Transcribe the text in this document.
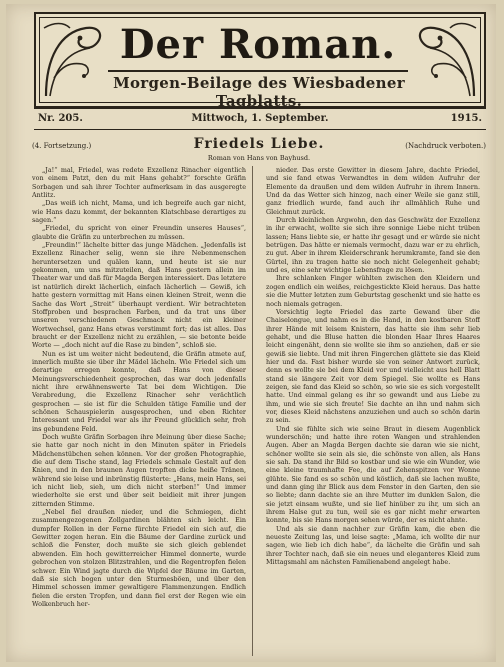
Der Roman.
Morgen-Beilage des Wiesbadener Tagblatts.
Nr. 205.	Mittwoch, 1. September.	1915.
(4. Fortsetzung.)	Friedels Liebe.
Roman von Hans von Bayhusd.
(Nachdruck verboten.)

„Ja!“ mal, Friedel, was redete Exzellenz Rinacher eigentlich von einem Patzt, den du mit Hans gehabt?“ forschte Gräfin Sorbagen und sah ihrer Tochter aufmerksam in das ausgeregte Antlitz.

„Das weiß ich nicht, Mama, und ich begreife auch gar nicht, wie Hans dazu kommt, der bekannten Klatschbase derartiges zu sagen.“

„Friedel, du spricht von einer Freundin unseres Hauses“, glaubte die Gräfin zu unterbrechen zu müssen.

„Freundin!“ lächelte bitter das junge Mädchen. „Jedenfalls ist Exzellenz Rinacher selig, wenn sie ihre Nebenmenschen heruntersetzen und quälen kann, und heute ist sie nur gekommen, um uns mitzuteilen, daß Hans gestern allein im Theater war und daß für Magda Bergen interessiert. Das letztere ist natürlich direkt lächerlich, einfach lächerlich — Gewiß, ich hatte gestern vormittag mit Hans einen kleinen Streit, wenn die Sache das Wort „Streit“ überhaupt verdient. Wir betrachteten Stoffproben und besprachen Farben, und da trat uns über unseren verschiedenen Geschmack nicht ein kleiner Wortwechsel, ganz Hans etwas verstimmt fort; das ist alles. Das braucht er der Exzellenz nicht zu erzählen, — sie betonte beide Worte — „doch nicht auf die Rase zu binden“, schloß sie.

Nun es ist um weiter nicht bedeutend, die Gräfin atmete auf, innerlich mußte sie über ihr Mädel lächeln. Wie Friedel sich um derartige erregen konnte, daß Hans von dieser Meinungsverschiedenheit gesprochen, das war doch jedenfalls nicht ihre erwähnenswerte Tat bei dem Wichtigen. Die Verabredung, die Exzellenz Rinacher sehr verächtlich gesprochen — sie ist für die Schulden tätige Familie und der schönen Schauspielerin ausgesprochen, und eben Richter Interessant und Friedel war als ihr Freund glücklich sehr, froh ins gebundene Feld.

Doch wußte Gräfin Sorbagen ihre Meinung über diese Sache; sie hatte gar noch nicht in den Minuten später in Friedels Mädchenstübchen sehen können. Vor der großen Photographie, die auf dem Tische stand, lag Friedels schmale Gestalt auf den Knien, und in den braunen Augen tropften dicke heiße Tränen, während sie leise und inbrünstig flüsterte: „Hans, mein Hans, sei ich nicht lieb, sieh, um dich nicht sterben!“ Und immer wiederholte sie erst und über seit beidieit mit ihrer jungen zitternden Stimme.

„Nebel fiel draußen nieder, und die Schmiegen, dicht zusammengezogenen Zollgardinen blähten sich leicht. Ein dumpfer Rollen in der Ferne fürchte Friedel ein sich auf, die Gewitter zogen heran. Ein die Bäume der Gardine zurück und schloß die Fenster, doch mußte sie sich gleich geblendet abwenden. Ein hoch gewitterreicher Himmel donnerte, wurde gebrochen von stolzen Blitzstrahlen, und die Regentropfen fielen schwer. Ein Wind jagte durch die Wipfel der Bäume im Garten, daß sie sich bogen unter den Sturmesböen, und über den Himmel schossen immer gewaltigere Flammenzungen. Endlich fielen die ersten Tropfen, und dann fiel erst der Regen wie ein Wolkenbruch her-

nieder. Das erste Gewitter in diesem Jahre, dachte Friedel, und sie fand etwas Verwandtes in dem wilden Aufruhr der Elemente da draußen und dem wilden Aufruhr in ihrem Innern. Und da das Wetter sich hinzog, nach einer Weile sie ganz still, ganz friedlich wurde, fand auch ihr allmählich Ruhe und Gleichmut zurück.

Durch kleinlichen Argwohn, den das Geschwätz der Exzellenz in ihr erwacht, wollte sie sich ihre sonnige Liebe nicht trüben lassen; Hans liebte sie, er hatte ihr gesagt und er würde sie nicht betrügen. Das hätte er niemals vermocht, dazu war er zu ehrlich, zu gut. Aber in ihrem Kleiderschrank herumkramte, fand sie den Gürtel, ihn zu tragen hatte sie noch nicht Gelegenheit gehabt; und es, eine sehr wichtige Lebensfrage zu lösen.

Ihre schlanken Finger wühlten zwischen den Kleidern und zogen endlich ein weißes, reichgestickte Kleid heraus. Das hatte sie die Mutter letzten zum Geburtstag geschenkt und sie hatte es noch niemals getragen.

Vorsichtig legte Friedel das zarte Gewand über die Chaiselongue, und nahm es in die Hand, in den kostbaren Stoff ihrer Hände mit leisem Knistern, das hatte sie ihm sehr lieb gehabt, und die Bluse hatten die blonden Haar Ihres Haares leicht eingenäht, denn sie wollte sie ihm so anziehen, daß er sie gewiß sie liebte. Und mit ihren Fingerchen glättete sie das Kleid hier und da. Fast bisher wurde sie von seiner Antwort zurück, denn es wollte sie bei dem Kleid vor und vielleicht aus hell Blatt stand sie längere Zeit vor dem Spiegel. Sie wollte es Hans zeigen, sie fand das Kleid so schön, so wie sie es sich vorgestellt hatte. Und einmal gelang es ihr so gewandt und aus Liebe zu ihm, und wie sie sich freute! Sie dachte an ihn und nahm sich vor, dieses Kleid nächstens anzuziehen und auch so schön darin zu sein.

Und sie fühlte sich wie seine Braut in diesem Augenblick wunderschön; und hatte ihre roten Wangen und strahlenden Augen. Aber an Magda Bergen dachte sie daran wie sie nicht, schöner wollte sie sein als sie, die schönste von allen, als Hans sie sah. Da stand ihr Bild so kostbar und sie wie ein Wunder, wie eine kleine traumhafte Fee, die auf Zehenspitzen vor Wonne glühte. Sie fand es so schön und köstlich, daß sie lachen mußte, und dann ging ihr Blick aus dem Fenster in den Garten, den sie so liebte; dann dachte sie an ihre Mutter im dunklen Salon, die sie jetzt einsam wußte, und sie lief hinüber zu ihr, um sich an ihrem Halse gut zu tun, weil sie es gar nicht mehr erwarten konnte, bis sie Hans morgen sehen würde, der es nicht ahnte.

Und als sie dann nachher zur Gräfin kam, die eben die neueste Zeitung las, und leise sagte: „Mama, ich wollte dir nur sagen, wie lieb ich dich habe“, da lächelte die Gräfin und sah ihrer Tochter nach, daß sie ein neues und eleganteres Kleid zum Mittagsmahl am nächsten Familienabend angelegt habe.
